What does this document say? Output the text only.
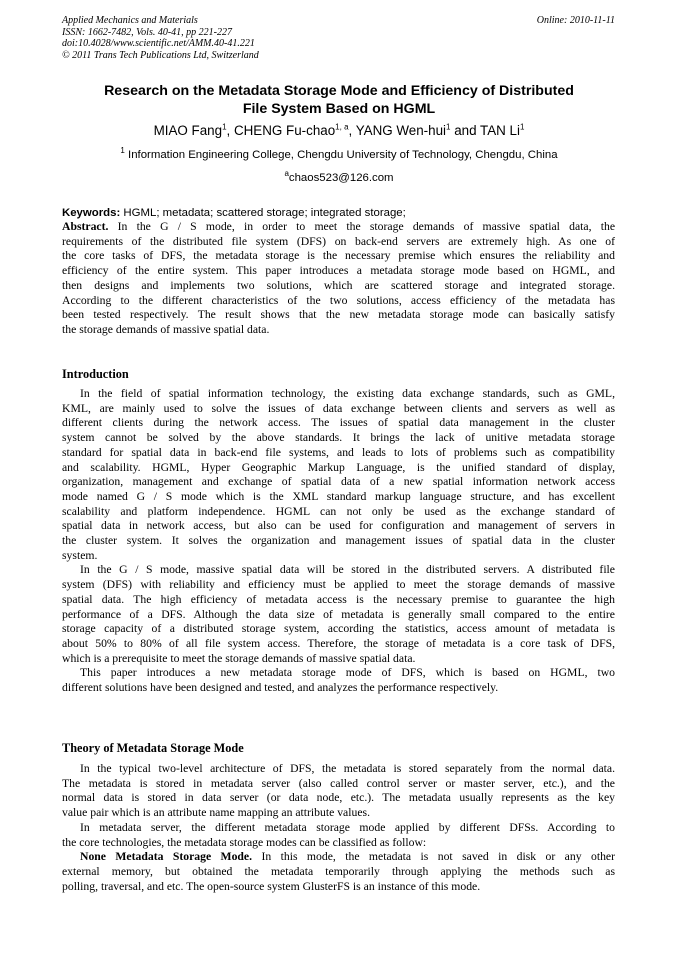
Applied Mechanics and Materials
ISSN: 1662-7482, Vols. 40-41, pp 221-227
doi:10.4028/www.scientific.net/AMM.40-41.221
© 2011 Trans Tech Publications Ltd, Switzerland
Online: 2010-11-11
Research on the Metadata Storage Mode and Efficiency of Distributed
File System Based on HGML
MIAO Fang$^1$, CHENG Fu-chao$^{1, a}$, YANG Wen-hui$^1$ and TAN Li$^1$
$^1$ Information Engineering College, Chengdu University of Technology, Chengdu, China
$^a$chaos523@126.com
Keywords: HGML; metadata; scattered storage; integrated storage;
Abstract. In the G / S mode, in order to meet the storage demands of massive spatial data, the
requirements of the distributed file system (DFS) on back-end servers are extremely high. As one of
the core tasks of DFS, the metadata storage is the necessary premise which ensures the reliability and
efficiency of the entire system. This paper introduces a metadata storage mode based on HGML, and
then designs and implements two solutions, which are scattered storage and integrated storage.
According to the different characteristics of the two solutions, access efficiency of the metadata has
been tested respectively. The result shows that the new metadata storage mode can basically satisfy
the storage demands of massive spatial data.
Introduction
In the field of spatial information technology, the existing data exchange standards, such as GML,
KML, are mainly used to solve the issues of data exchange between clients and servers as well as
different clients during the network access. The issues of spatial data management in the cluster
system cannot be solved by the above standards. It brings the lack of unitive metadata storage
standard for spatial data in back-end file systems, and leads to lots of problems such as compatibility
and scalability. HGML, Hyper Geographic Markup Language, is the unified standard of display,
organization, management and exchange of spatial data of a new spatial information network access
mode named G / S mode which is the XML standard markup language structure, and has excellent
scalability and platform independence. HGML can not only be used as the exchange standard of
spatial data in network access, but also can be used for configuration and management of servers in
the cluster system. It solves the organization and management issues of spatial data in the cluster
system.
In the G / S mode, massive spatial data will be stored in the distributed servers. A distributed file
system (DFS) with reliability and efficiency must be applied to meet the storage demands of massive
spatial data. The high efficiency of metadata access is the necessary premise to guarantee the high
performance of a DFS. Although the data size of metadata is generally small compared to the entire
storage capacity of a distributed storage system, according the statistics, access amount of metadata is
about 50% to 80% of all file system access. Therefore, the storage of metadata is a core task of DFS,
which is a prerequisite to meet the storage demands of massive spatial data.
This paper introduces a new metadata storage mode of DFS, which is based on HGML, two
different solutions have been designed and tested, and analyzes the performance respectively.
Theory of Metadata Storage Mode
In the typical two-level architecture of DFS, the metadata is stored separately from the normal data.
The metadata is stored in metadata server (also called control server or master server, etc.), and the
normal data is stored in data server (or data node, etc.). The metadata usually represents as the key
value pair which is an attribute name mapping an attribute values.
In metadata server, the different metadata storage mode applied by different DFSs. According to
the core technologies, the metadata storage modes can be classified as follow:
None Metadata Storage Mode. In this mode, the metadata is not saved in disk or any other
external memory, but obtained the metadata temporarily through applying the methods such as
polling, traversal, and etc. The open-source system GlusterFS is an instance of this mode.
